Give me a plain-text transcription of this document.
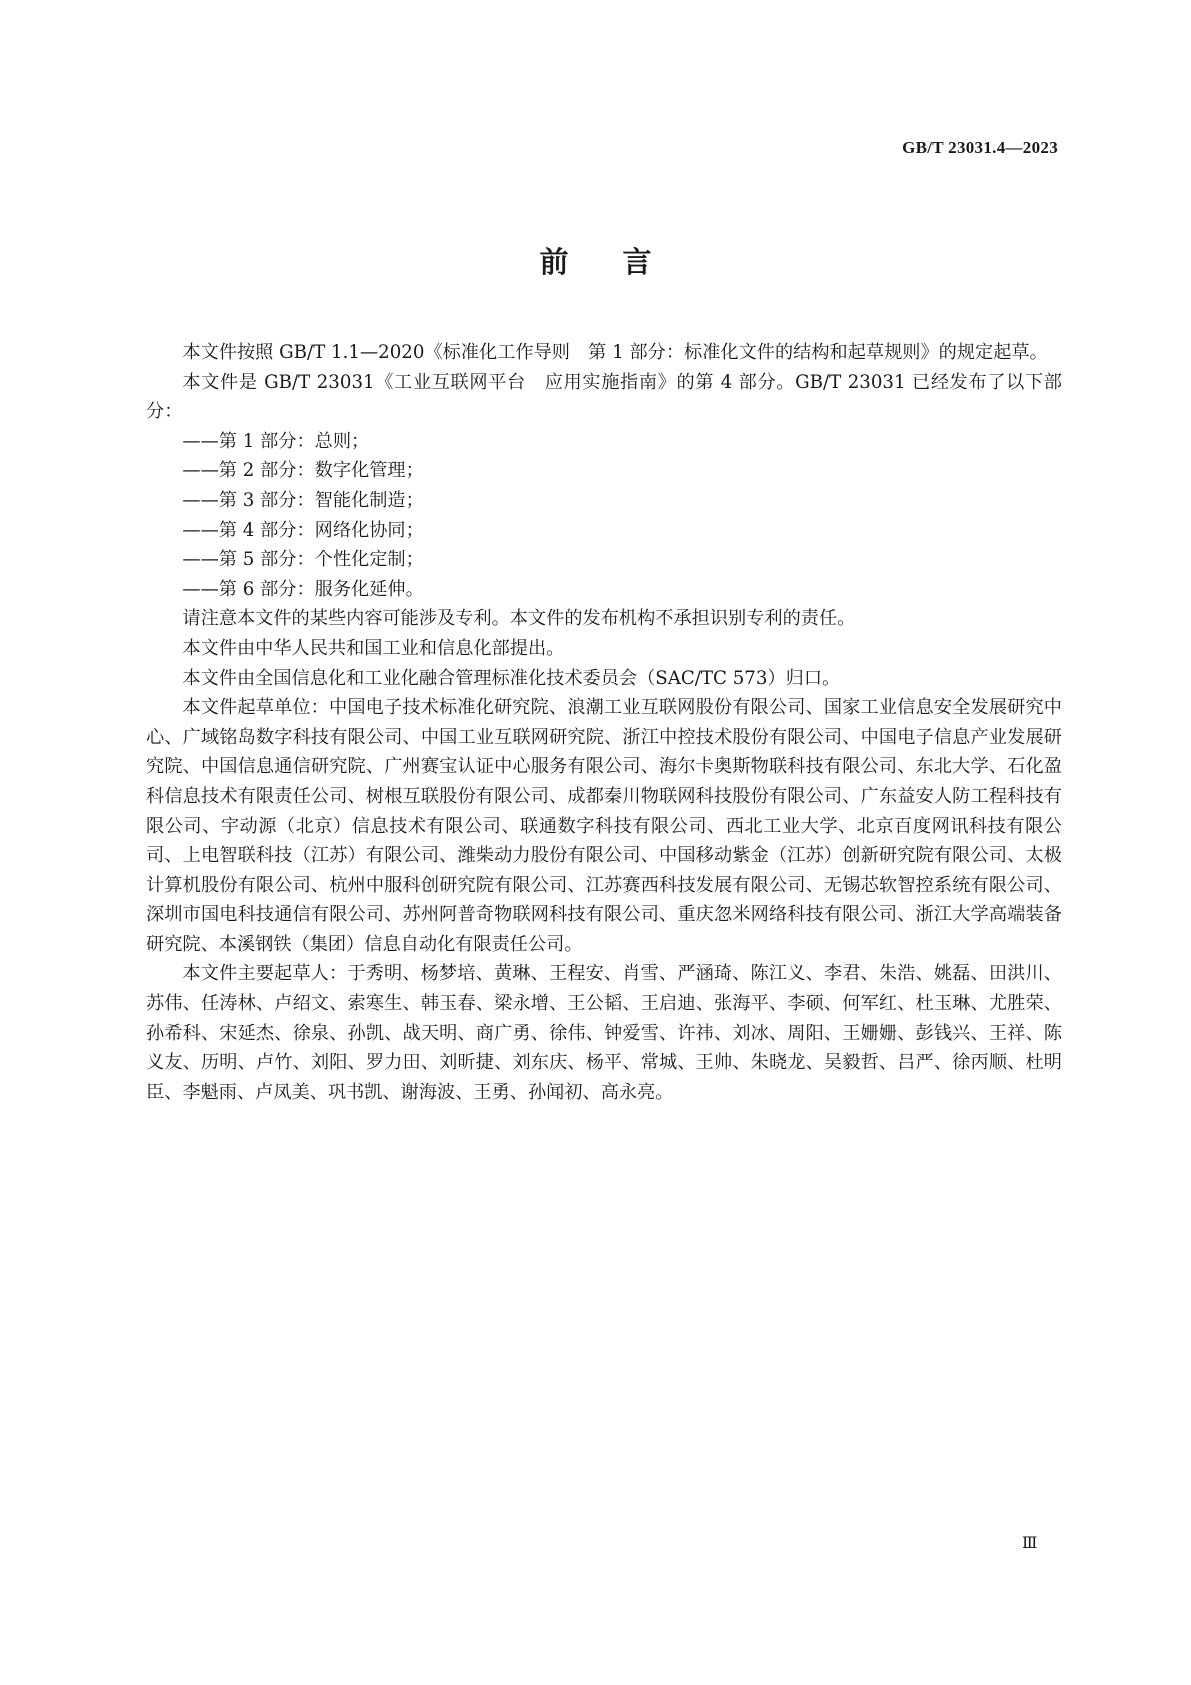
GB/T 23031.4—2023
前言

本文件按照 GB/T 1.1—2020《标准化工作导则　第 1 部分：标准化文件的结构和起草规则》的规定起草。

本文件是 GB/T 23031《工业互联网平台　应用实施指南》的第 4 部分。GB/T 23031 已经发布了以下部分：

——第 1 部分：总则；
——第 2 部分：数字化管理；
——第 3 部分：智能化制造；
——第 4 部分：网络化协同；
——第 5 部分：个性化定制；
——第 6 部分：服务化延伸。

请注意本文件的某些内容可能涉及专利。本文件的发布机构不承担识别专利的责任。

本文件由中华人民共和国工业和信息化部提出。

本文件由全国信息化和工业化融合管理标准化技术委员会（SAC/TC 573）归口。

本文件起草单位：中国电子技术标准化研究院、浪潮工业互联网股份有限公司、国家工业信息安全发展研究中心、广域铭岛数字科技有限公司、中国工业互联网研究院、浙江中控技术股份有限公司、中国电子信息产业发展研究院、中国信息通信研究院、广州赛宝认证中心服务有限公司、海尔卡奥斯物联科技有限公司、东北大学、石化盈科信息技术有限责任公司、树根互联股份有限公司、成都秦川物联网科技股份有限公司、广东益安人防工程科技有限公司、宇动源（北京）信息技术有限公司、联通数字科技有限公司、西北工业大学、北京百度网讯科技有限公司、上电智联科技（江苏）有限公司、潍柴动力股份有限公司、中国移动紫金（江苏）创新研究院有限公司、太极计算机股份有限公司、杭州中服科创研究院有限公司、江苏赛西科技发展有限公司、无锡芯软智控系统有限公司、深圳市国电科技通信有限公司、苏州阿普奇物联网科技有限公司、重庆忽米网络科技有限公司、浙江大学高端装备研究院、本溪钢铁（集团）信息自动化有限责任公司。

本文件主要起草人：于秀明、杨梦培、黄琳、王程安、肖雪、严涵琦、陈江义、李君、朱浩、姚磊、田洪川、苏伟、任涛林、卢绍文、索寒生、韩玉春、梁永增、王公韬、王启迪、张海平、李硕、何军红、杜玉琳、尤胜荣、孙希科、宋延杰、徐泉、孙凯、战天明、商广勇、徐伟、钟爱雪、许祎、刘冰、周阳、王姗姗、彭钱兴、王祥、陈义友、历明、卢竹、刘阳、罗力田、刘昕捷、刘东庆、杨平、常城、王帅、朱晓龙、吴毅哲、吕严、徐丙顺、杜明臣、李魁雨、卢凤美、巩书凯、谢海波、王勇、孙闻初、高永亮。

Ⅲ
